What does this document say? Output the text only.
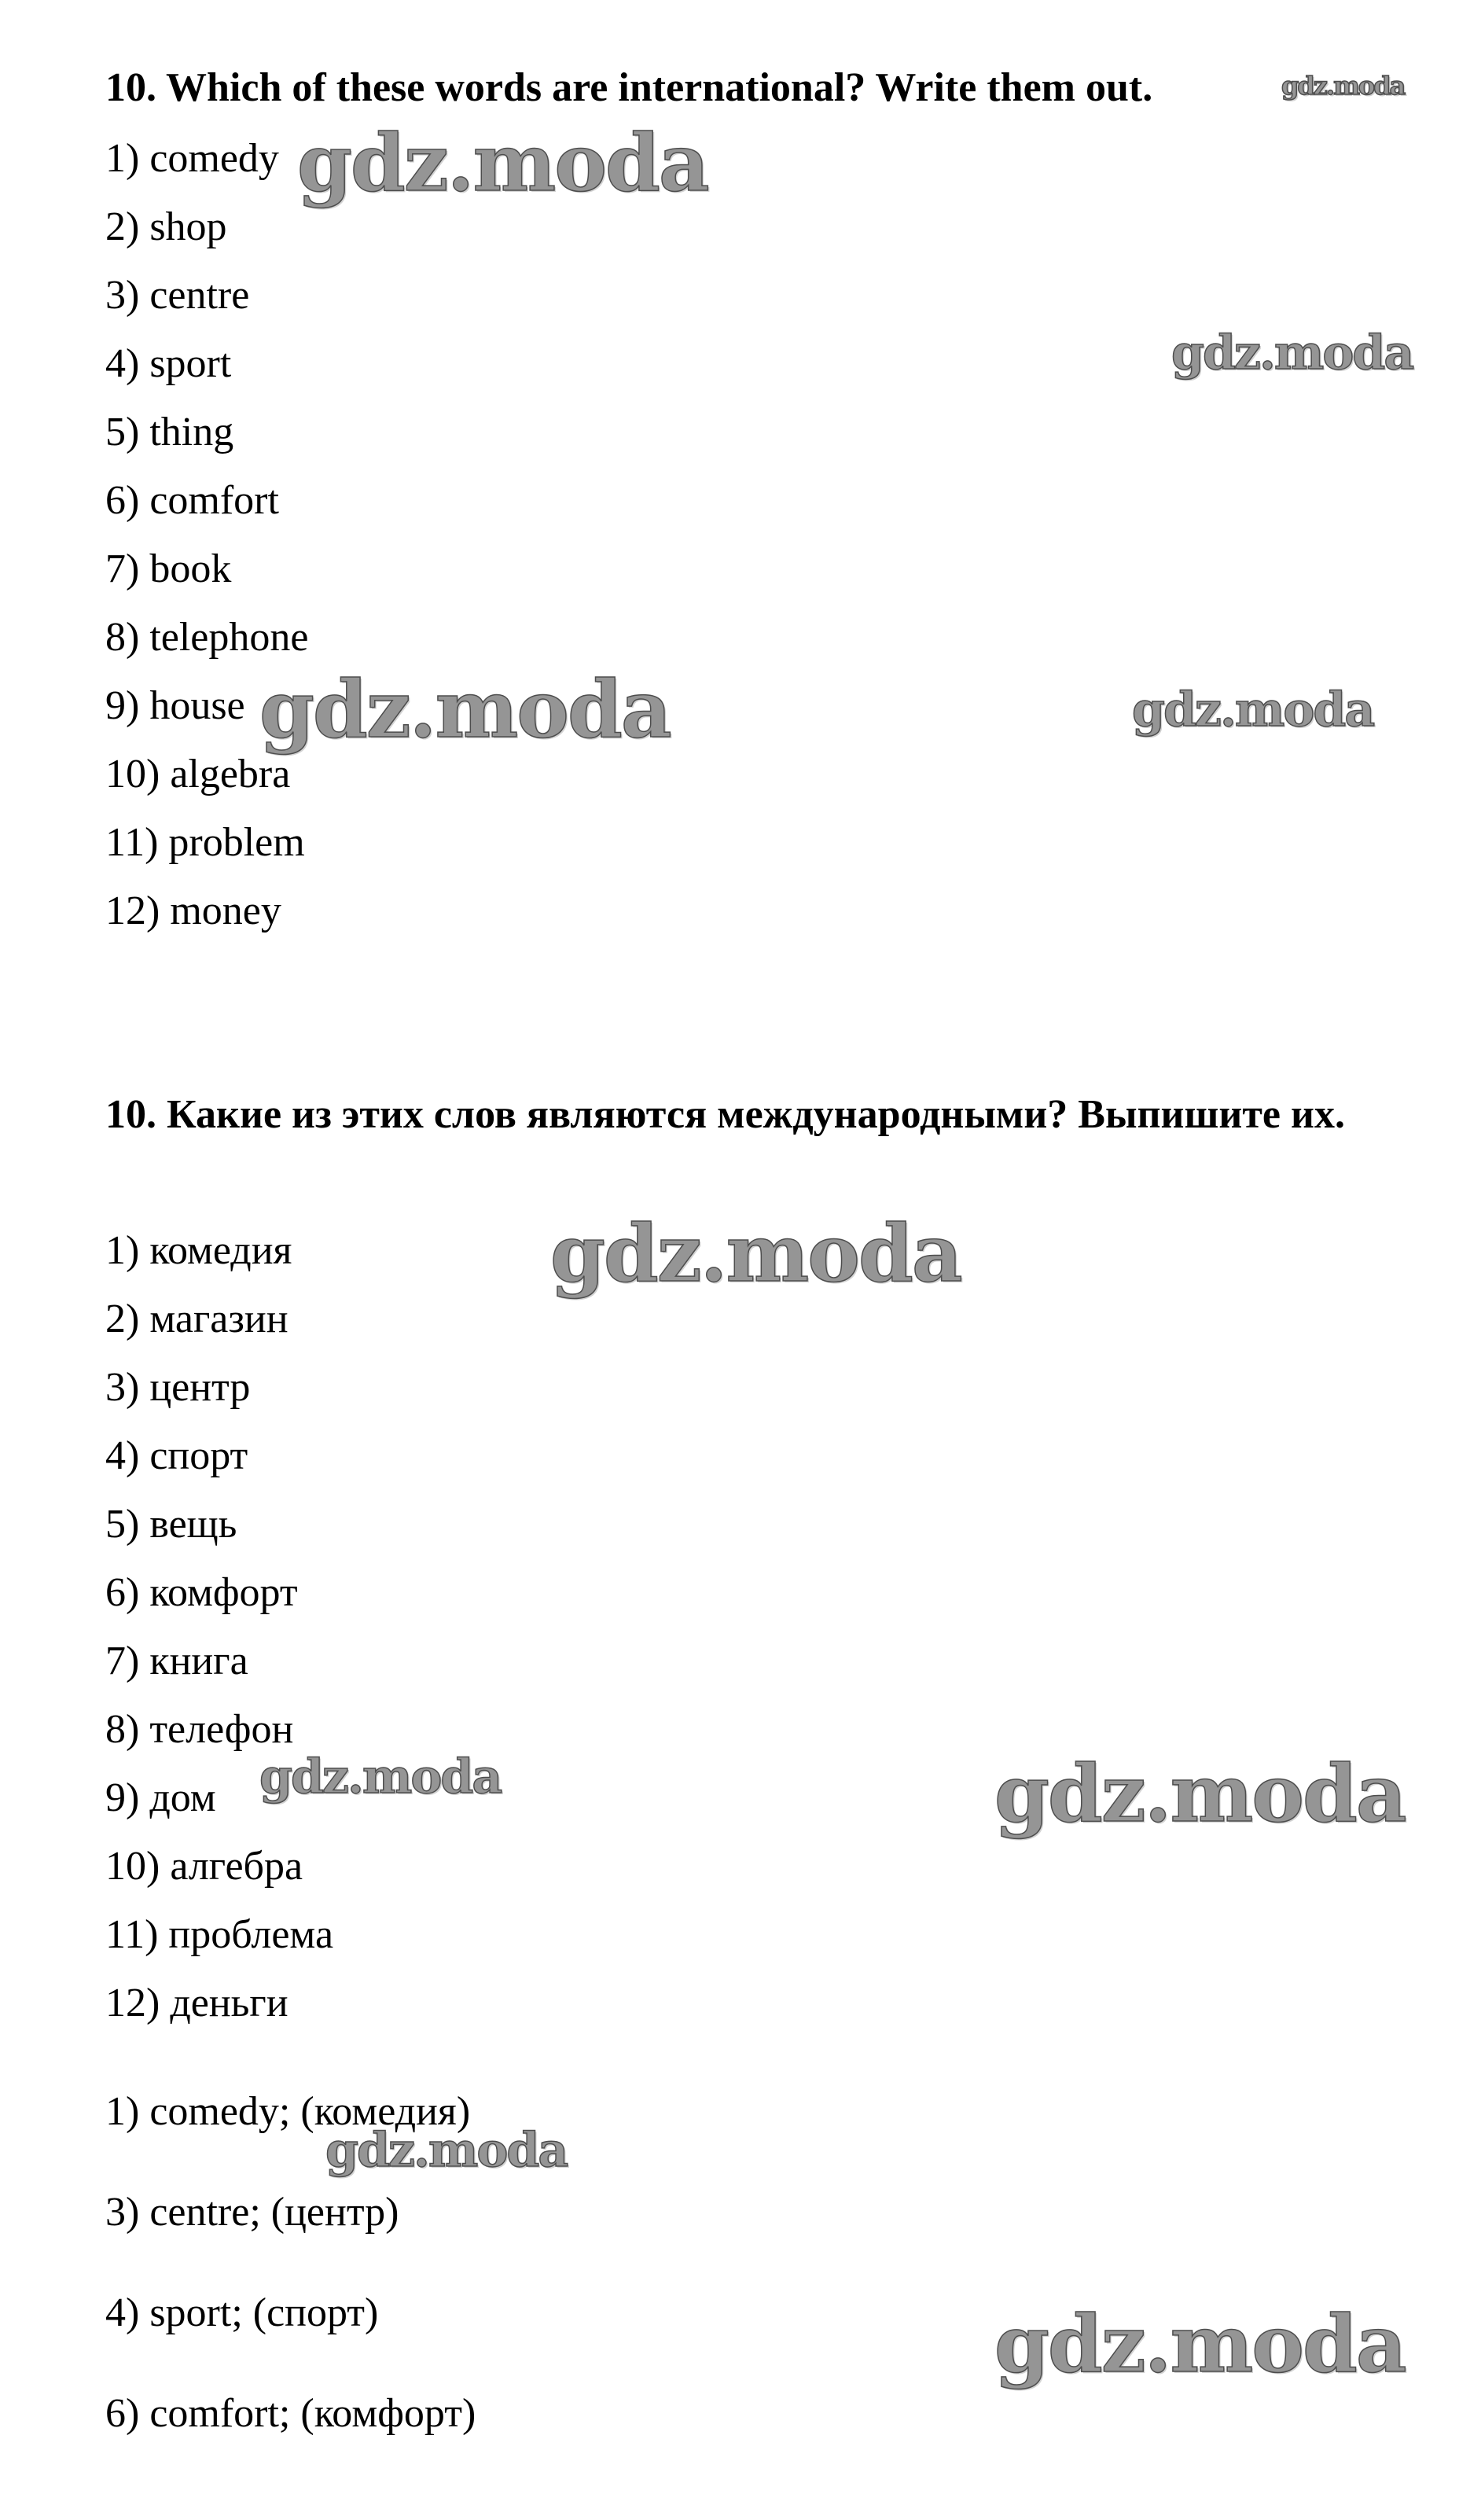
10. Which of these words are international? Write them out.
1) comedy
2) shop
3) centre
4) sport
5) thing
6) comfort
7) book
8) telephone
9) house
10) algebra
11) problem
12) money
10. Какие из этих слов являются международными? Выпишите их.
1) комедия
2) магазин
3) центр
4) спорт
5) вещь
6) комфорт
7) книга
8) телефон
9) дом
10) алгебра
11) проблема
12) деньги
1) comedy; (комедия)
3) centre; (центр)
4) sport; (спорт)
6) comfort; (комфорт)
gdz.moda
gdz.moda
gdz.moda
gdz.moda	gdz.moda
gdz.moda
gdz.moda	gdz.moda
gdz.moda
gdz.moda
